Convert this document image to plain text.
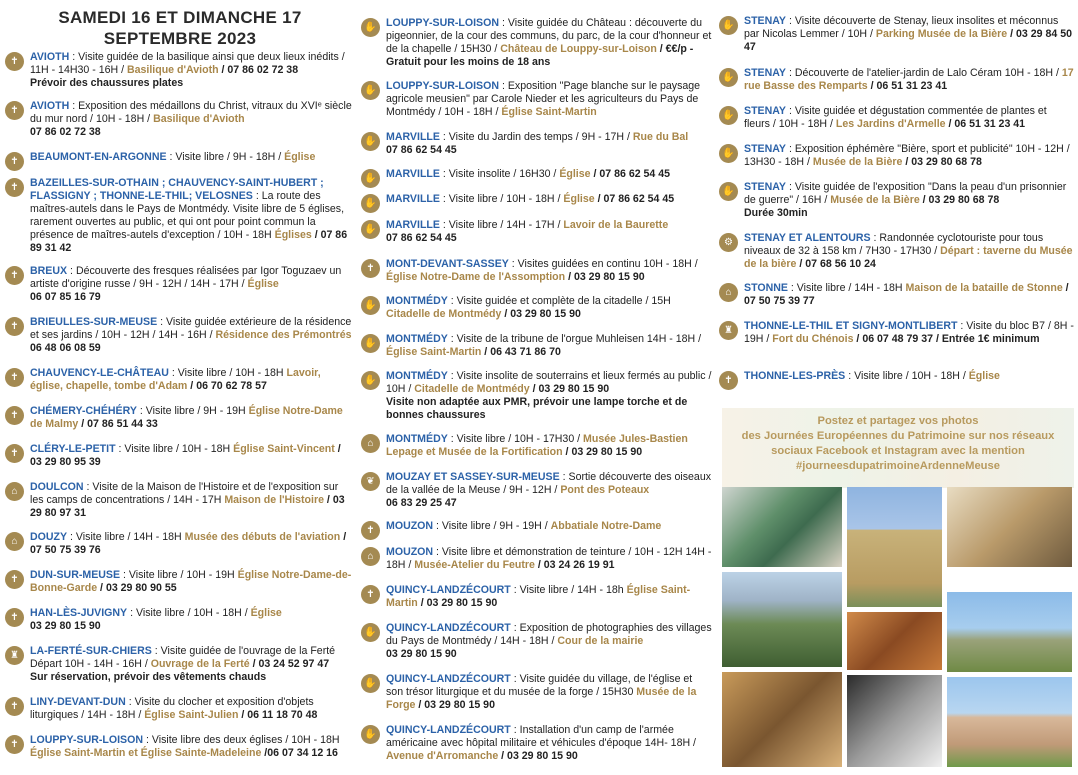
SAMEDI 16 ET DIMANCHE 17
SEPTEMBRE 2023
✝	AVIOTH : Visite guidée de la basilique ainsi que deux lieux inédits / 11H - 14H30 - 16H / Basilique d'Avioth / 07 86 02 72 38
Prévoir des chaussures plates
✝	AVIOTH : Exposition des médaillons du Christ, vitraux du XVIᵉ siècle du mur nord / 10H - 18H / Basilique d'Avioth
07 86 02 72 38
✝	BEAUMONT-EN-ARGONNE : Visite libre / 9H - 18H / Église
✝	BAZEILLES-SUR-OTHAIN ; CHAUVENCY-SAINT-HUBERT ; FLASSIGNY ; THONNE-LE-THIL; VELOSNES : La route des maîtres-autels dans le Pays de Montmédy. Visite libre de 5 églises, rarement ouvertes au public, et qui ont pour point commun la présence de maîtres-autels d'exception / 10H - 18H Églises / 07 86 89 31 42
✝	BREUX : Découverte des fresques réalisées par Igor Toguzaev un artiste d'origine russe / 9H - 12H / 14H - 17H / Église
06 07 85 16 79
✝	BRIEULLES-SUR-MEUSE : Visite guidée extérieure de la résidence et ses jardins / 10H - 12H / 14H - 16H / Résidence des Prémontrés
06 48 06 08 59
✝	CHAUVENCY-LE-CHÂTEAU : Visite libre / 10H - 18H Lavoir, église, chapelle, tombe d'Adam / 06 70 62 78 57
✝	CHÉMERY-CHÉHÉRY : Visite libre / 9H - 19H Église Notre-Dame de Malmy / 07 86 51 44 33
✝	CLÉRY-LE-PETIT : Visite libre / 10H - 18H Église Saint-Vincent / 03 29 80 95 39
⌂	DOULCON : Visite de la Maison de l'Histoire et de l'exposition sur les camps de concentrations / 14H - 17H Maison de l'Histoire / 03 29 80 97 31
⌂	DOUZY : Visite libre / 14H - 18H Musée des débuts de l'aviation / 07 50 75 39 76
✝	DUN-SUR-MEUSE : Visite libre / 10H - 19H Église Notre-Dame-de-Bonne-Garde / 03 29 80 90 55
✝	HAN-LÈS-JUVIGNY : Visite libre / 10H - 18H / Église
03 29 80 15 90
♜	LA-FERTÉ-SUR-CHIERS : Visite guidée de l'ouvrage de la Ferté Départ 10H - 14H - 16H / Ouvrage de la Ferté / 03 24 52 97 47
Sur réservation, prévoir des vêtements chauds
✝	LINY-DEVANT-DUN : Visite du clocher et exposition d'objets liturgiques / 14H - 18H / Église Saint-Julien / 06 11 18 70 48
✝	LOUPPY-SUR-LOISON : Visite libre des deux églises / 10H - 18H Église Saint-Martin et Église Sainte-Madeleine /06 07 34 12 16
✋ LOUPPY-SUR-LOISON : Visite guidée du Château : découverte du pigeonnier, de la cour des communs, du parc, de la cour d'honneur et de la chapelle / 15H30 / Château de Louppy-sur-Loison / €€/p - Gratuit pour les moins de 18 ans
✋ LOUPPY-SUR-LOISON : Exposition "Page blanche sur le paysage agricole meusien" par Carole Nieder et les agriculteurs du Pays de Montmédy / 10H - 18H / Église Saint-Martin
✋ MARVILLE : Visite du Jardin des temps / 9H - 17H / Rue du Bal
07 86 62 54 45
✋ MARVILLE : Visite insolite / 16H30 / Église / 07 86 62 54 45
✋ MARVILLE : Visite libre / 10H - 18H / Église / 07 86 62 54 45
✋ MARVILLE : Visite libre / 14H - 17H / Lavoir de la Baurette
07 86 62 54 45
✝	MONT-DEVANT-SASSEY : Visites guidées en continu 10H - 18H / Église Notre-Dame de l'Assomption / 03 29 80 15 90
✋ MONTMÉDY : Visite guidée et complète de la citadelle / 15H Citadelle de Montmédy / 03 29 80 15 90
✋ MONTMÉDY : Visite de la tribune de l'orgue Muhleisen 14H - 18H / Église Saint-Martin / 06 43 71 86 70
✋ MONTMÉDY : Visite insolite de souterrains et lieux fermés au public / 10H / Citadelle de Montmédy / 03 29 80 15 90
Visite non adaptée aux PMR, prévoir une lampe torche et de bonnes chaussures
⌂	MONTMÉDY : Visite libre / 10H - 17H30 / Musée Jules-Bastien Lepage et Musée de la Fortification / 03 29 80 15 90
❦	MOUZAY ET SASSEY-SUR-MEUSE : Sortie découverte des oiseaux de la vallée de la Meuse / 9H - 12H / Pont des Poteaux
06 83 29 25 47
✝	MOUZON : Visite libre / 9H - 19H / Abbatiale Notre-Dame
⌂	MOUZON : Visite libre et démonstration de teinture / 10H - 12H 14H - 18H / Musée-Atelier du Feutre / 03 24 26 19 91
✝	QUINCY-LANDZÉCOURT : Visite libre / 14H - 18h Église Saint-Martin / 03 29 80 15 90
✋ QUINCY-LANDZÉCOURT : Exposition de photographies des villages du Pays de Montmédy / 14H - 18H / Cour de la mairie
03 29 80 15 90
✋ QUINCY-LANDZÉCOURT : Visite guidée du village, de l'église et son trésor liturgique et du musée de la forge / 15H30 Musée de la Forge / 03 29 80 15 90
✋ QUINCY-LANDZÉCOURT : Installation d'un camp de l'armée américaine avec hôpital militaire et véhicules d'époque 14H- 18H / Avenue d'Arromanche / 03 29 80 15 90
✋ STENAY : Visite découverte de Stenay, lieux insolites et méconnus par Nicolas Lemmer / 10H / Parking Musée de la Bière / 03 29 84 50 47
✋ STENAY : Découverte de l'atelier-jardin de Lalo Céram 10H - 18H / 17 rue Basse des Remparts / 06 51 31 23 41
✋ STENAY : Visite guidée et dégustation commentée de plantes et fleurs / 10H - 18H / Les Jardins d'Armelle / 06 51 31 23 41
✋ STENAY : Exposition éphémère "Bière, sport et publicité" 10H - 12H / 13H30 - 18H / Musée de la Bière / 03 29 80 68 78
✋ STENAY : Visite guidée de l'exposition "Dans la peau d'un prisonnier de guerre" / 16H / Musée de la Bière / 03 29 80 68 78
Durée 30min
⚙	STENAY ET ALENTOURS : Randonnée cyclotouriste pour tous niveaux de 32 à 158 km / 7H30 - 17H30 / Départ : taverne du Musée de la bière / 07 68 56 10 24
⌂	STONNE : Visite libre / 14H - 18H Maison de la bataille de Stonne / 07 50 75 39 77
♜	THONNE-LE-THIL ET SIGNY-MONTLIBERT : Visite du bloc B7 / 8H - 19H / Fort du Chénois / 06 07 48 79 37 / Entrée 1€ minimum
✝	THONNE-LES-PRÈS : Visite libre / 10H - 18H / Église
Postez et partagez vos photos
des Journées Européennes du Patrimoine sur nos réseaux
sociaux Facebook et Instagram avec la mention
#journeesdupatrimoineArdenneMeuse
